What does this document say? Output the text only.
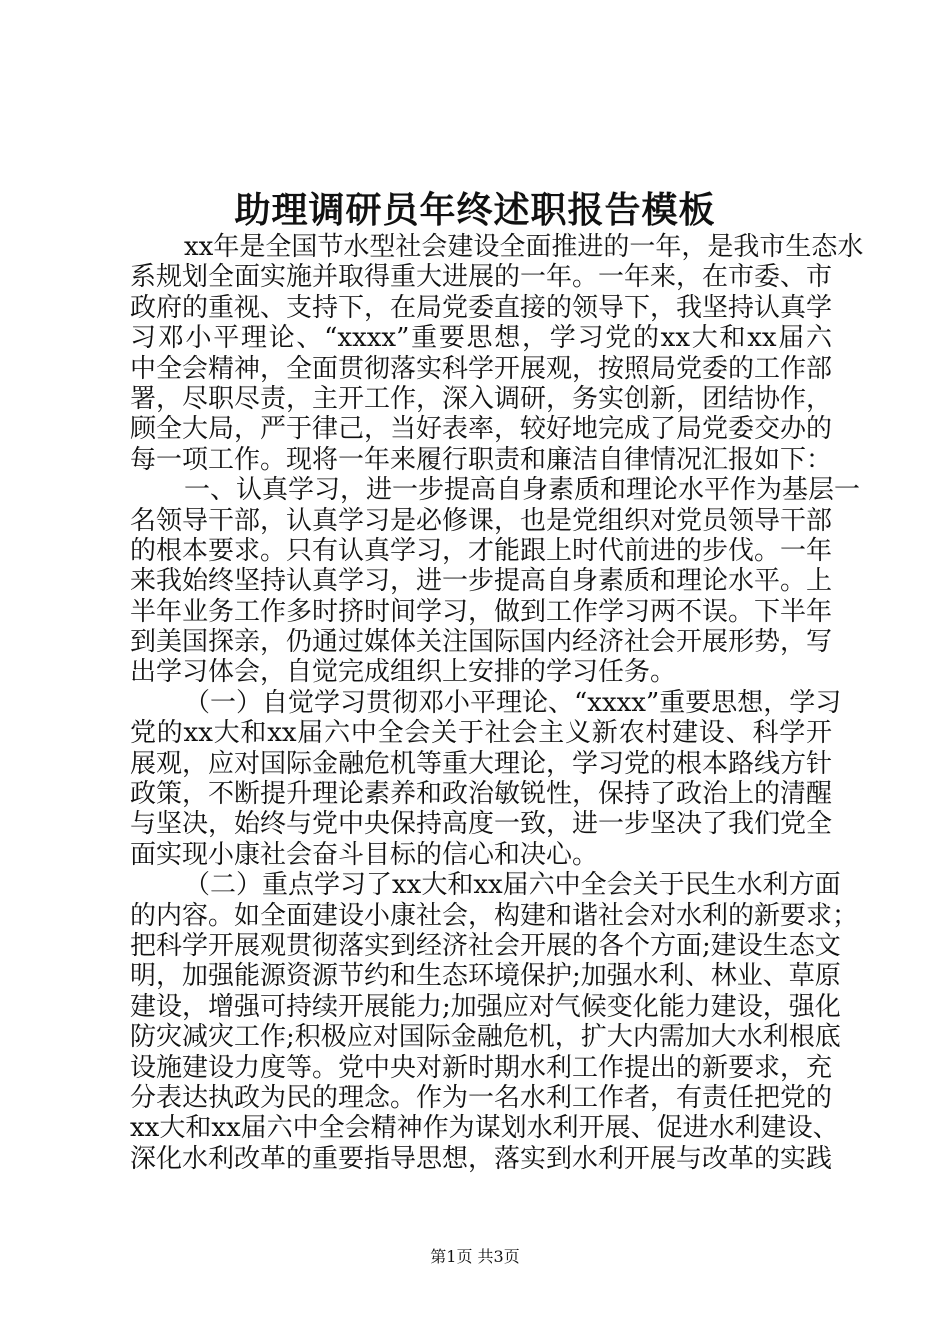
助理调研员年终述职报告模板
xx年是全国节水型社会建设全面推进的一年，是我市生态水
系规划全面实施并取得重大进展的一年。一年来，在市委、市
政府的重视、支持下，在局党委直接的领导下，我坚持认真学
习邓小平理论、“xxxx”重要思想，学习党的xx大和xx届六
中全会精神，全面贯彻落实科学开展观，按照局党委的工作部
署，尽职尽责，主开工作，深入调研，务实创新，团结协作，
顾全大局，严于律己，当好表率，较好地完成了局党委交办的
每一项工作。现将一年来履行职责和廉洁自律情况汇报如下：
一、认真学习，进一步提高自身素质和理论水平作为基层一
名领导干部，认真学习是必修课，也是党组织对党员领导干部
的根本要求。只有认真学习，才能跟上时代前进的步伐。一年
来我始终坚持认真学习，进一步提高自身素质和理论水平。上
半年业务工作多时挤时间学习，做到工作学习两不误。下半年
到美国探亲，仍通过媒体关注国际国内经济社会开展形势，写
出学习体会，自觉完成组织上安排的学习任务。
（一）自觉学习贯彻邓小平理论、“xxxx”重要思想，学习
党的xx大和xx届六中全会关于社会主义新农村建设、科学开
展观，应对国际金融危机等重大理论，学习党的根本路线方针
政策，不断提升理论素养和政治敏锐性，保持了政治上的清醒
与坚决，始终与党中央保持高度一致，进一步坚决了我们党全
面实现小康社会奋斗目标的信心和决心。
（二）重点学习了xx大和xx届六中全会关于民生水利方面
的内容。如全面建设小康社会，构建和谐社会对水利的新要求；
把科学开展观贯彻落实到经济社会开展的各个方面;建设生态文
明，加强能源资源节约和生态环境保护;加强水利、林业、草原
建设，增强可持续开展能力;加强应对气候变化能力建设，强化
防灾减灾工作;积极应对国际金融危机，扩大内需加大水利根底
设施建设力度等。党中央对新时期水利工作提出的新要求，充
分表达执政为民的理念。作为一名水利工作者，有责任把党的
xx大和xx届六中全会精神作为谋划水利开展、促进水利建设、
深化水利改革的重要指导思想，落实到水利开展与改革的实践
第1页 共3页
